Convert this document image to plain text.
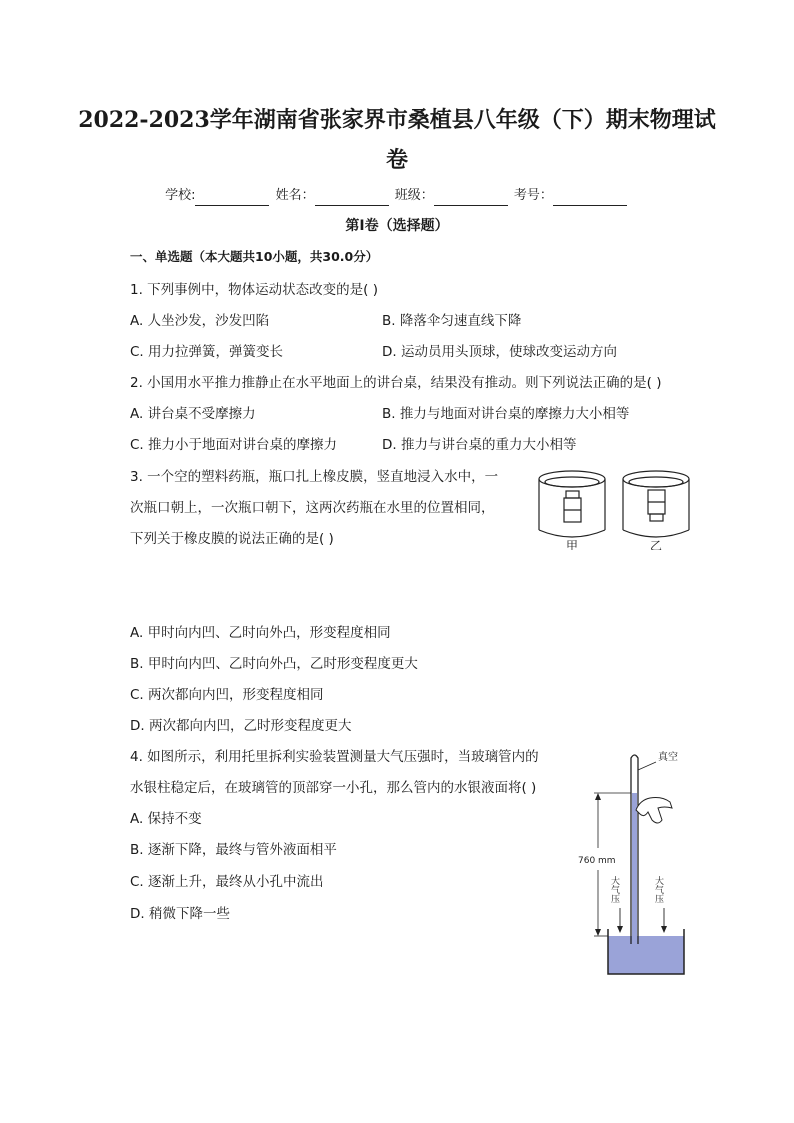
2022-2023学年湖南省张家界市桑植县八年级（下）期末物理试
卷
学校:	姓名：	班级：	考号：
第I卷（选择题）
一、单选题（本大题共10小题，共30.0分）
1. 下列事例中，物体运动状态改变的是( )
A. 人坐沙发，沙发凹陷	B. 降落伞匀速直线下降
C. 用力拉弹簧，弹簧变长	D. 运动员用头顶球，使球改变运动方向
2. 小国用水平推力推静止在水平地面上的讲台桌，结果没有推动。则下列说法正确的是( )
A. 讲台桌不受摩擦力	B. 推力与地面对讲台桌的摩擦力大小相等
C. 推力小于地面对讲台桌的摩擦力	D. 推力与讲台桌的重力大小相等
3. 一个空的塑料药瓶，瓶口扎上橡皮膜，竖直地浸入水中，一
次瓶口朝上，一次瓶口朝下，这两次药瓶在水里的位置相同，
下列关于橡皮膜的说法正确的是( )	甲	乙
A. 甲时向内凹、乙时向外凸，形变程度相同
B. 甲时向内凹、乙时向外凸，乙时形变程度更大
C. 两次都向内凹，形变程度相同
D. 两次都向内凹，乙时形变程度更大
4. 如图所示，利用托里拆利实验装置测量大气压强时，当玻璃管内的
水银柱稳定后，在玻璃管的顶部穿一小孔，那么管内的水银液面将( )
A. 保持不变
B. 逐渐下降，最终与管外液面相平
C. 逐渐上升，最终从小孔中流出
D. 稍微下降一些
真空
760 mm
大气压	大气压
